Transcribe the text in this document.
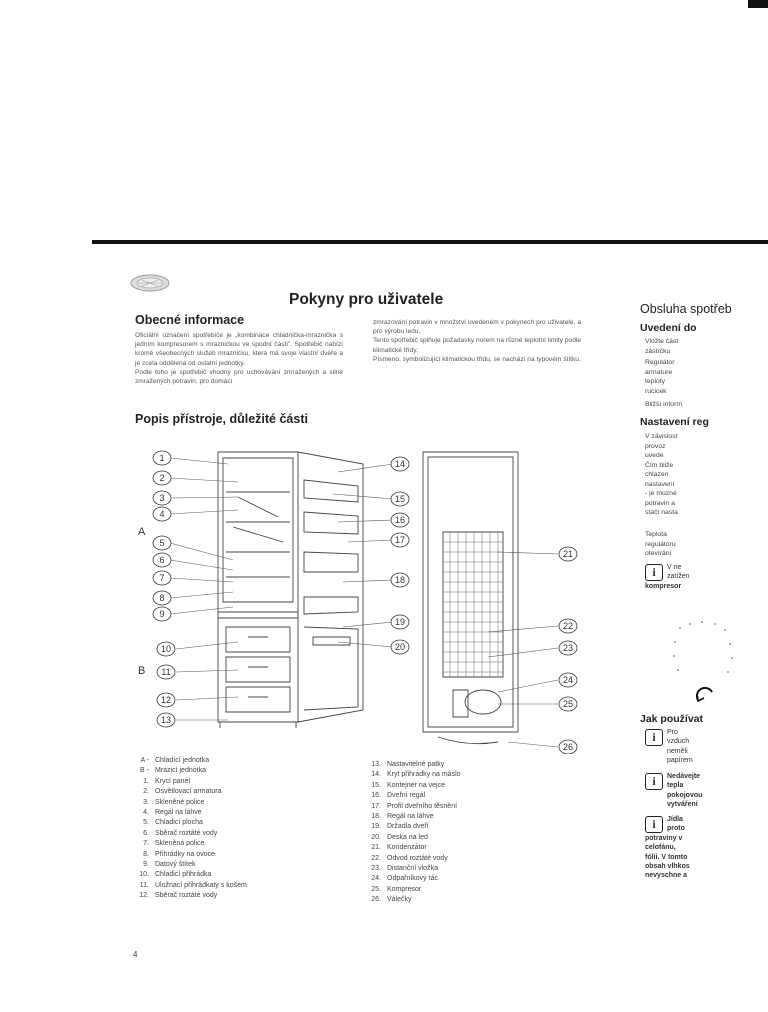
Pokyny pro uživatele
Obecné informace

Oficiální označení spotřebiče je „kombinace chladnička-mraznička s jedním kompresorem s mrazničkou ve spodní části". Spotřebič nabízí kromě všeobecných služeb mrazničku, která má svoje vlastní dvéře a je zcela oddělena od ostatní jednotky.

Podle toho je spotřebič vhodný pro uchovávání zmražených a silně zmražených potravin, pro domácí

Popis přístroje, důležité části

zmrazování potravin v množství uvedeném v pokynech pro uživatele, a pro výrobu ledu.

Tento spotřebič splňuje požadavky norem na různé teplotní limity podle klimatické třídy.

Písmeno, symbolizující klimatickou třídu, se nachází na typovém štítku.

1
2
3
4
5
6
7
8
9
10
11
12
13
14
15
16
17
18
19
20
21
22
23
24
25
26
A
B
A - Chladící jednotka
B - Mrazicí jednotka
1. Krycí panel
2. Osvětlovací armatura
3. Skleněné police
4. Regál na láhve
5. Chladicí plocha
6. Sběrač roztáté vody
7. Skleněná police
8. Přihrádky na ovoce
9. Datový štítek
10. Chladicí přihrádka
11. Uložnací přihrádkaty s košem
12. Sběrač roztáté vody
13. Nastavitelné patky
14. Kryt přihrádky na máslo
15. Kontejner na vejce
16. Dveřní regál
17. Profil dveřního těsnění
18. Regál na láhve
19. Držadla dveří
20. Deska na led
21. Kondenzátor
22. Odvod roztáté vody
23. Distanční vložka
24. Odpařníkový tác
25. Kompresor
26. Válečky
4
Obsluha spotřeb
Uvedení do
Vložte část
zástrčku
Regulátor
armature
teploty
rucicek
Bližší inform
Nastavení reg
V závislost
provoz
uvede
Čím bliže
chlazen
nastavení
- je mozné
potravin a
stačí nasta
Teplota
regulátoru
otevírání
i	V ne
zatížen
kompresor
Jak používat
i	Pro
vzduch
neměli
papírem
i	Nedávejte
tepla
pokojovou
vytváření
i	Jídla
proto
potraviny v
celofánu,
fólii. V tomto
obsah vlhkos
nevyschne a
